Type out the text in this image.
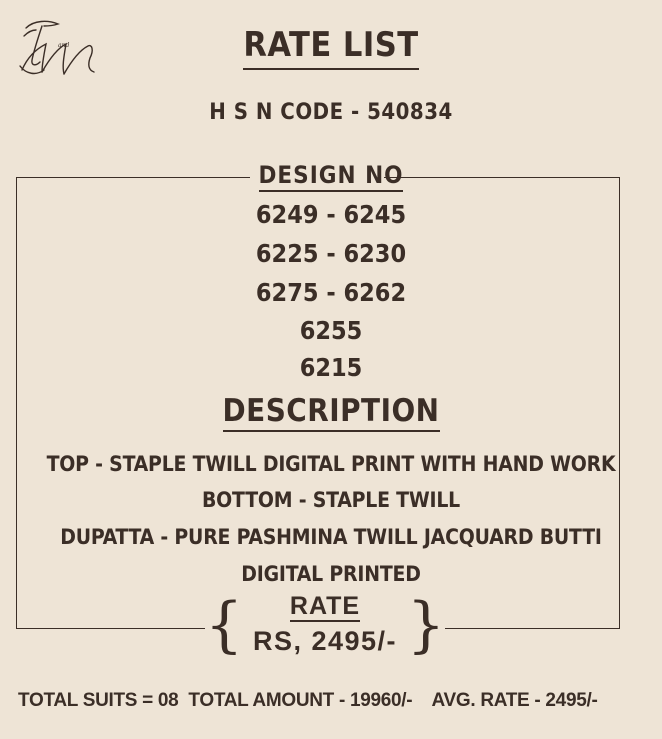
and	RATE LIST
H S N CODE - 540834
DESIGN NO
6249 - 6245
6225 - 6230
6275 - 6262
6255
6215
DESCRIPTION
TOP - STAPLE TWILL DIGITAL PRINT WITH HAND WORK
BOTTOM - STAPLE TWILL
DUPATTA - PURE PASHMINA TWILL JACQUARD BUTTI
DIGITAL PRINTED
{	RATE
RS, 2495/- }
TOTAL SUITS = 08  TOTAL AMOUNT - 19960/-    AVG. RATE - 2495/-
